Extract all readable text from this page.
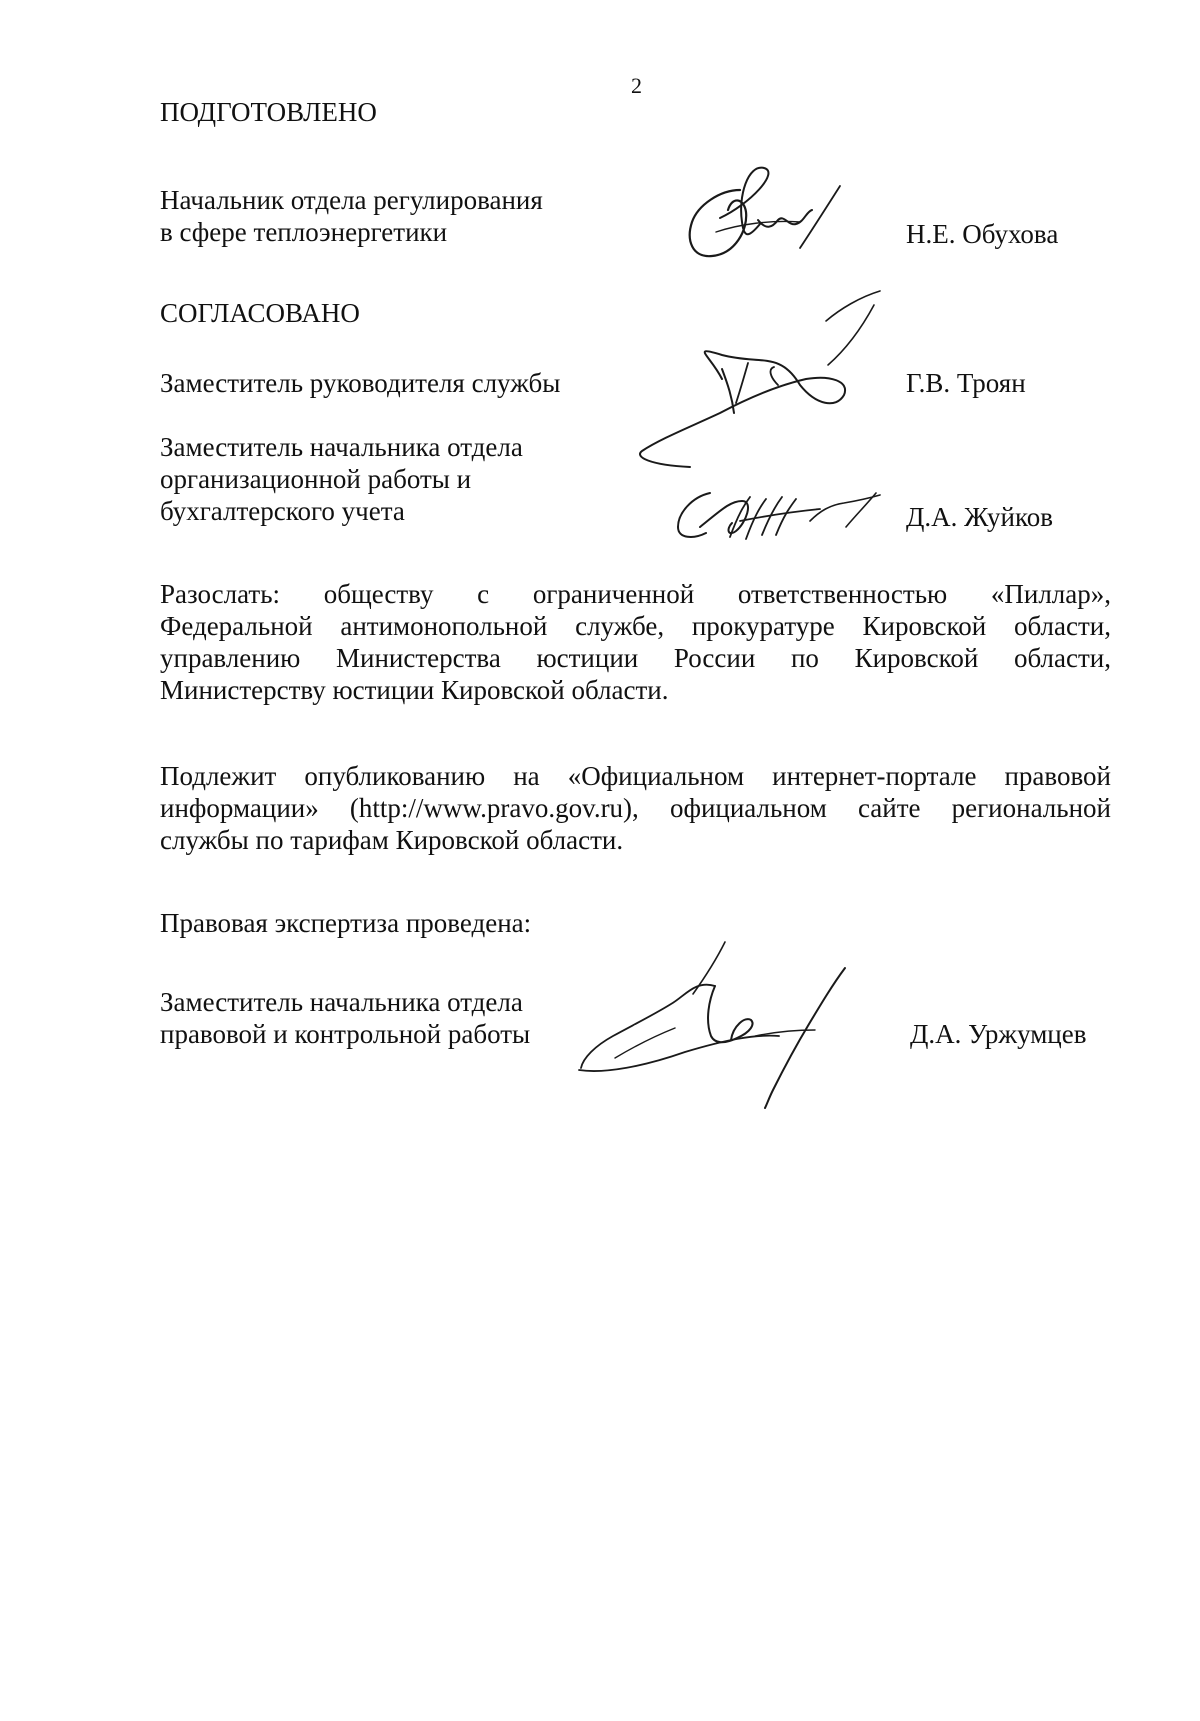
2
ПОДГОТОВЛЕНО
Начальник отдела регулирования
в сфере теплоэнергетики	Н.Е. Обухова
СОГЛАСОВАНО
Заместитель руководителя службы	Г.В. Троян
Заместитель начальника отдела
организационной работы и
бухгалтерского учета	Д.А. Жуйков
Разослать: обществу с ограниченной ответственностью «Пиллар»,
Федеральной антимонопольной службе, прокуратуре Кировской области,
управлению Министерства юстиции России по Кировской области,
Министерству юстиции Кировской области.
Подлежит опубликованию на «Официальном интернет-портале правовой
информации» (http://www.pravo.gov.ru), официальном сайте региональной
службы по тарифам Кировской области.
Правовая экспертиза проведена:
Заместитель начальника отдела
правовой и контрольной работы	Д.А. Уржумцев
